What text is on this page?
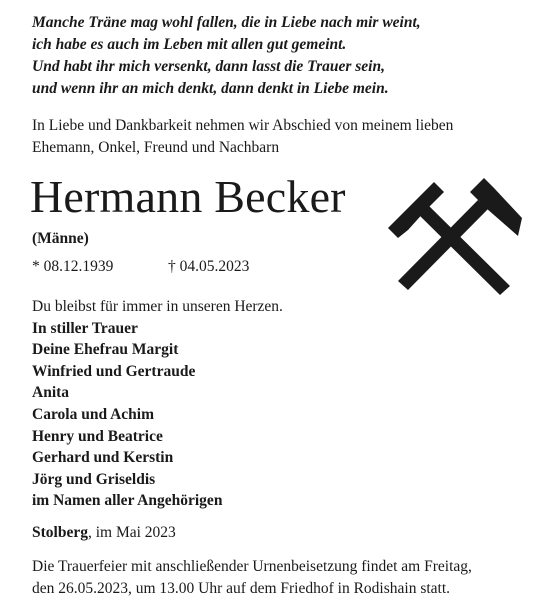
Manche Träne mag wohl fallen, die in Liebe nach mir weint,
ich habe es auch im Leben mit allen gut gemeint.
Und habt ihr mich versenkt, dann lasst die Trauer sein,
und wenn ihr an mich denkt, dann denkt in Liebe mein.
In Liebe und Dankbarkeit nehmen wir Abschied von meinem lieben
Ehemann, Onkel, Freund und Nachbarn
Hermann Becker
(Männe)
* 08.12.1939	† 04.05.2023
Du bleibst für immer in unseren Herzen.
In stiller Trauer
Deine Ehefrau Margit
Winfried und Gertraude
Anita
Carola und Achim
Henry und Beatrice
Gerhard und Kerstin
Jörg und Griseldis
im Namen aller Angehörigen
Stolberg, im Mai 2023
Die Trauerfeier mit anschließender Urnenbeisetzung findet am Freitag,
den 26.05.2023, um 13.00 Uhr auf dem Friedhof in Rodishain statt.
